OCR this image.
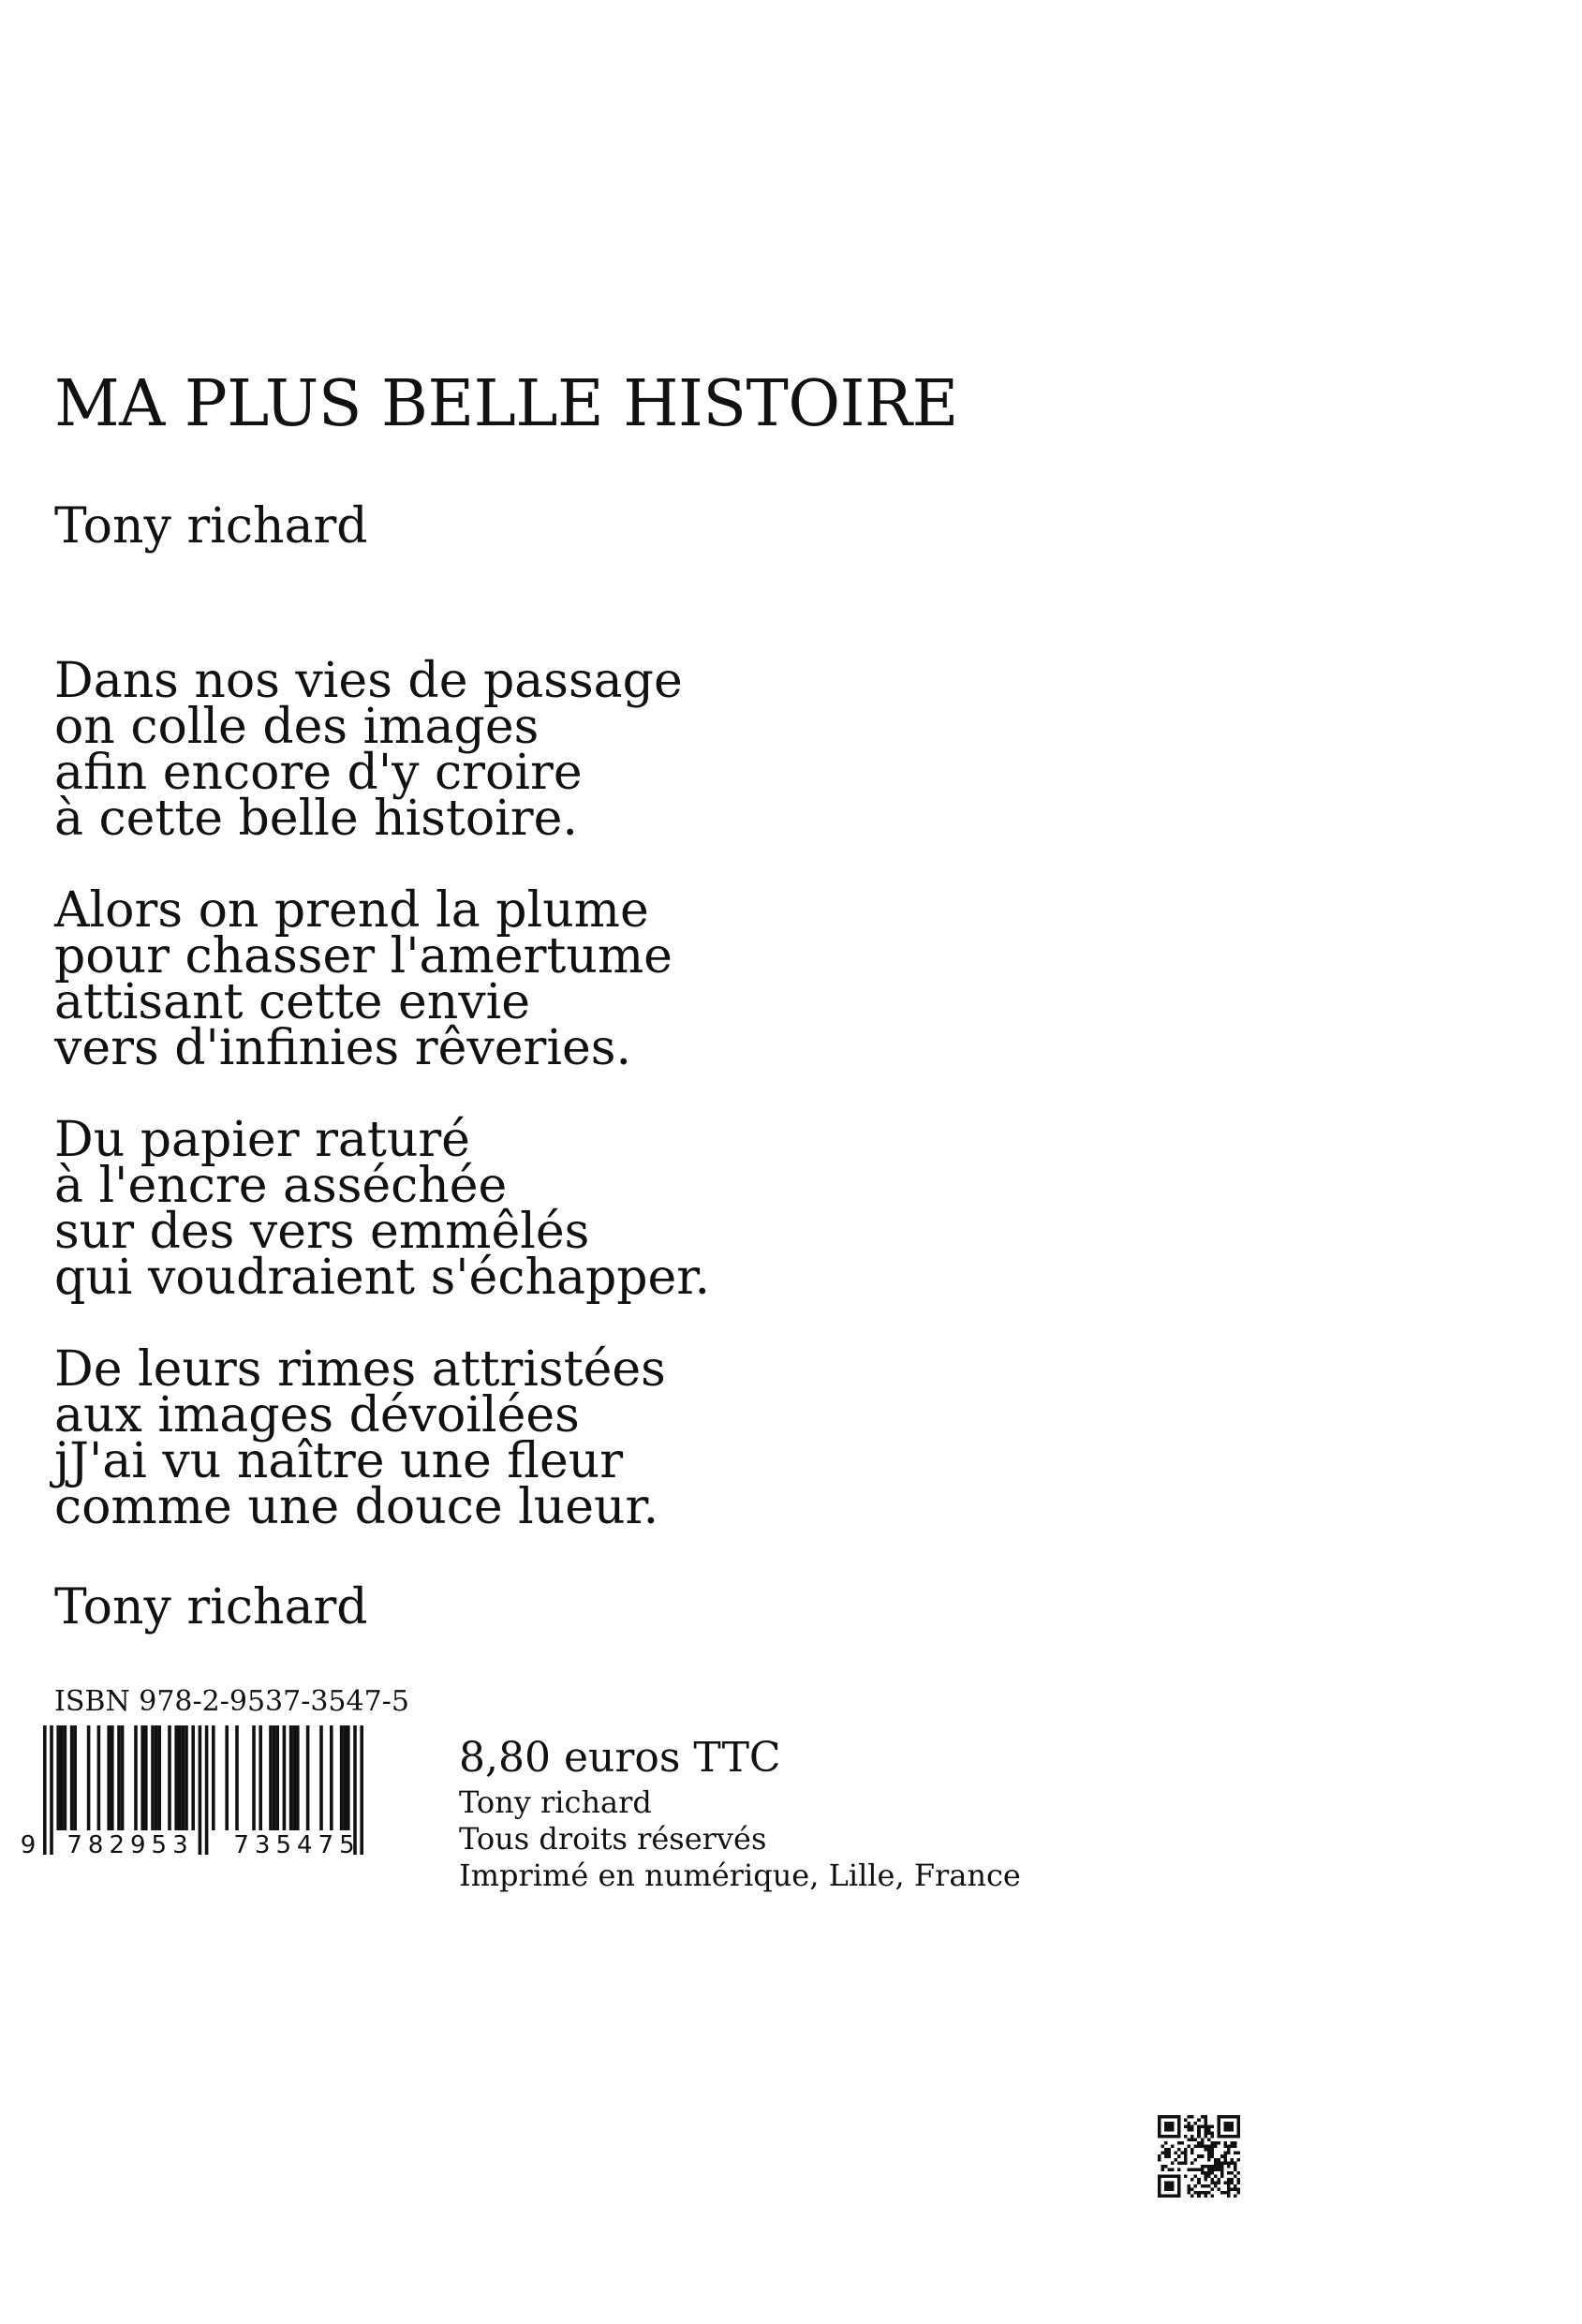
MA PLUS BELLE HISTOIRE
Tony richard
Dans nos vies de passage
on colle des images
afin encore d'y croire
à cette belle histoire.
Alors on prend la plume
pour chasser l'amertume
attisant cette envie
vers d'infinies rêveries.
Du papier raturé
à l'encre asséchée
sur des vers emmêlés
qui voudraient s'échapper.
De leurs rimes attristées
aux images dévoilées
jJ'ai vu naître une fleur
comme une douce lueur.
Tony richard
ISBN 978-2-9537-3547-5
9 782953 735475
8,80 euros TTC
Tony richard
Tous droits réservés
Imprimé en numérique, Lille, France
